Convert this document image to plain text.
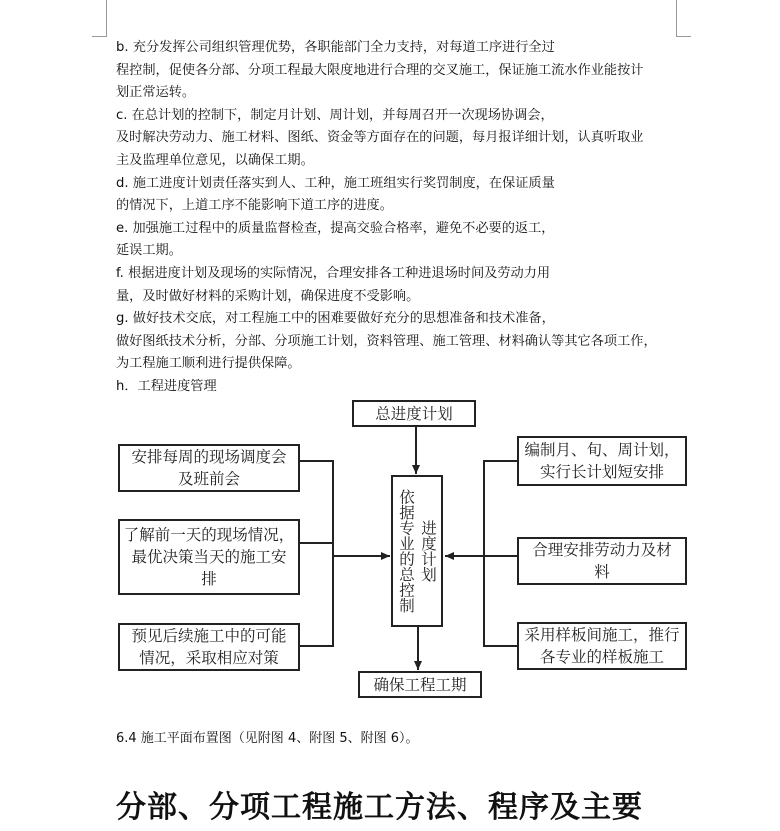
b. 充分发挥公司组织管理优势，各职能部门全力支持，对每道工序进行全过

程控制，促使各分部、分项工程最大限度地进行合理的交叉施工，保证施工流水作业能按计

划正常运转。

c. 在总计划的控制下，制定月计划、周计划，并每周召开一次现场协调会，

及时解决劳动力、施工材料、图纸、资金等方面存在的问题，每月报详细计划，认真听取业

主及监理单位意见，以确保工期。

d. 施工进度计划责任落实到人、工种，施工班组实行奖罚制度，在保证质量

的情况下，上道工序不能影响下道工序的进度。

e. 加强施工过程中的质量监督检查，提高交验合格率，避免不必要的返工，

延误工期。

f. 根据进度计划及现场的实际情况，合理安排各工种进退场时间及劳动力用

量，及时做好材料的采购计划，确保进度不受影响。

g. 做好技术交底，对工程施工中的困难要做好充分的思想准备和技术准备，

做好图纸技术分析，分部、分项施工计划，资料管理、施工管理、材料确认等其它各项工作，

为工程施工顺利进行提供保障。

h．工程进度管理

总进度计划
依据专业的总控制 进度计划
确保工程工期
安排每周的现场调度会
及班前会
了解前一天的现场情况，
最优决策当天的施工安
排
预见后续施工中的可能
情况，采取相应对策
编制月、旬、周计划，
实行长计划短安排
合理安排劳动力及材
料
采用样板间施工，推行
各专业的样板施工
6.4 施工平面布置图（见附图 4、附图 5、附图 6）。
分部、分项工程施工方法、程序及主要
